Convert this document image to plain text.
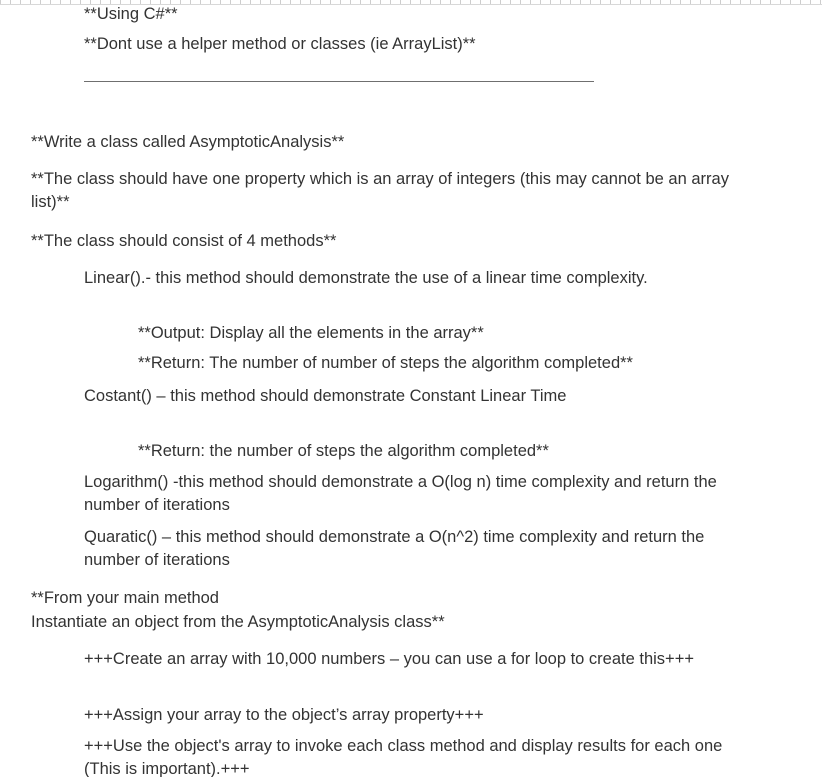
**Using C#**
**Dont use a helper method or classes (ie ArrayList)**
**Write a class called AsymptoticAnalysis**
**The class should have one property which is an array of integers (this may cannot be an array list)**
**The class should consist of 4 methods**
Linear().- this method should demonstrate the use of a linear time complexity.
**Output: Display all the elements in the array**
**Return: The number of number of steps the algorithm completed**
Costant() – this method should demonstrate Constant Linear Time
**Return: the number of steps the algorithm completed**
Logarithm() -this method should demonstrate a O(log n) time complexity and return the number of iterations
Quaratic() – this method should demonstrate a O(n^2) time complexity and return the number of iterations
**From your main method
Instantiate an object from the AsymptoticAnalysis class**
+++Create an array with 10,000 numbers – you can use a for loop to create this+++
+++Assign your array to the object’s array property+++
+++Use the object's array to invoke each class method and display results for each one (This is important).+++
